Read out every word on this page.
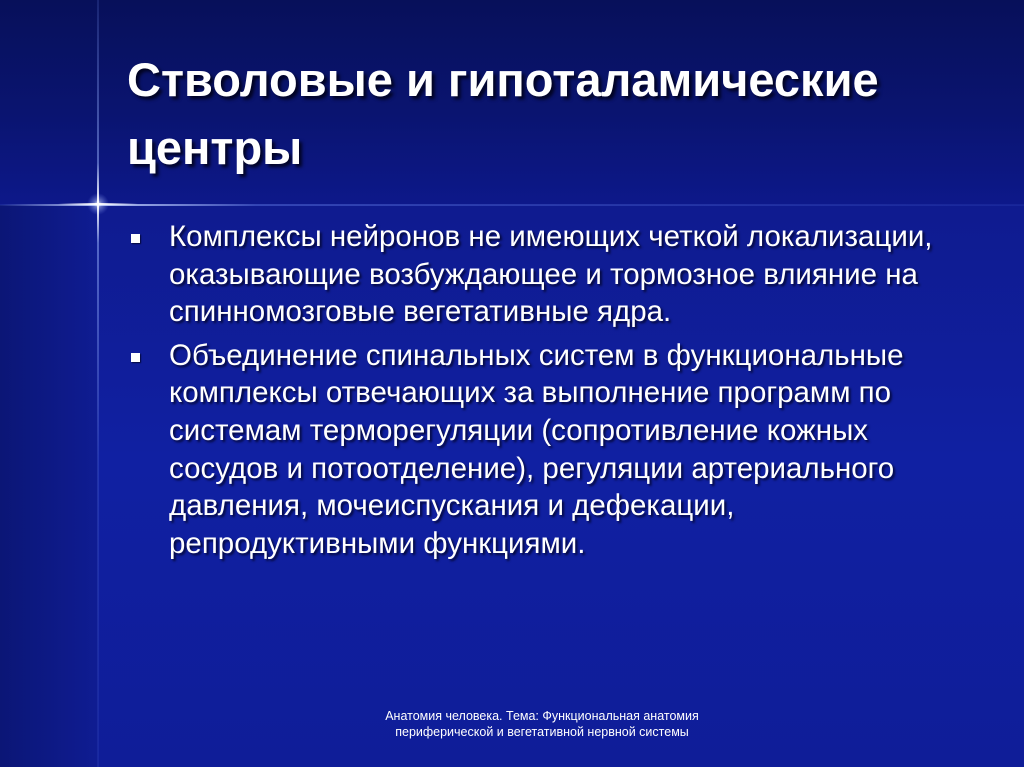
Стволовые и гипоталамические центры
Комплексы нейронов не имеющих четкой локализации, оказывающие возбуждающее и тормозное влияние на спинномозговые вегетативные ядра.
Объединение спинальных систем в функциональные комплексы отвечающих за выполнение программ по системам терморегуляции (сопротивление кожных сосудов и потоотделение), регуляции артериального давления, мочеиспускания и дефекации, репродуктивными функциями.

Анатомия человека. Тема: Функциональная анатомия периферической и вегетативной нервной системы
